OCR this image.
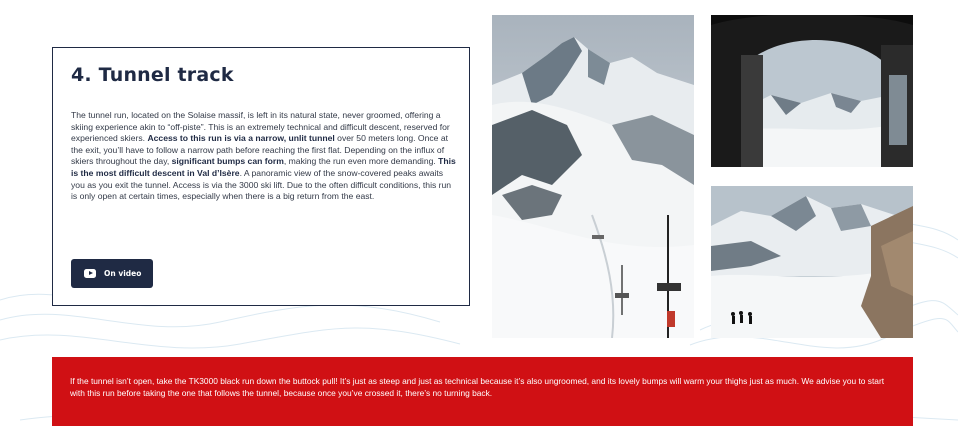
4. Tunnel track

The tunnel run, located on the Solaise massif, is left in its natural state, never groomed, offering a skiing experience akin to “off-piste”. This is an extremely technical and difficult descent, reserved for experienced skiers. Access to this run is via a narrow, unlit tunnel over 50 meters long. Once at the exit, you’ll have to follow a narrow path before reaching the first flat. Depending on the influx of skiers throughout the day, significant bumps can form, making the run even more demanding. This is the most difficult descent in Val d’Isère. A panoramic view of the snow-covered peaks awaits you as you exit the tunnel. Access is via the 3000 ski lift. Due to the often difficult conditions, this run is only open at certain times, especially when there is a big return from the east.

On video

If the tunnel isn’t open, take the TK3000 black run down the buttock pull! It’s just as steep and just as technical because it’s also ungroomed, and its lovely bumps will warm your thighs just as much. We advise you to start with this run before taking the one that follows the tunnel, because once you’ve crossed it, there’s no turning back.
